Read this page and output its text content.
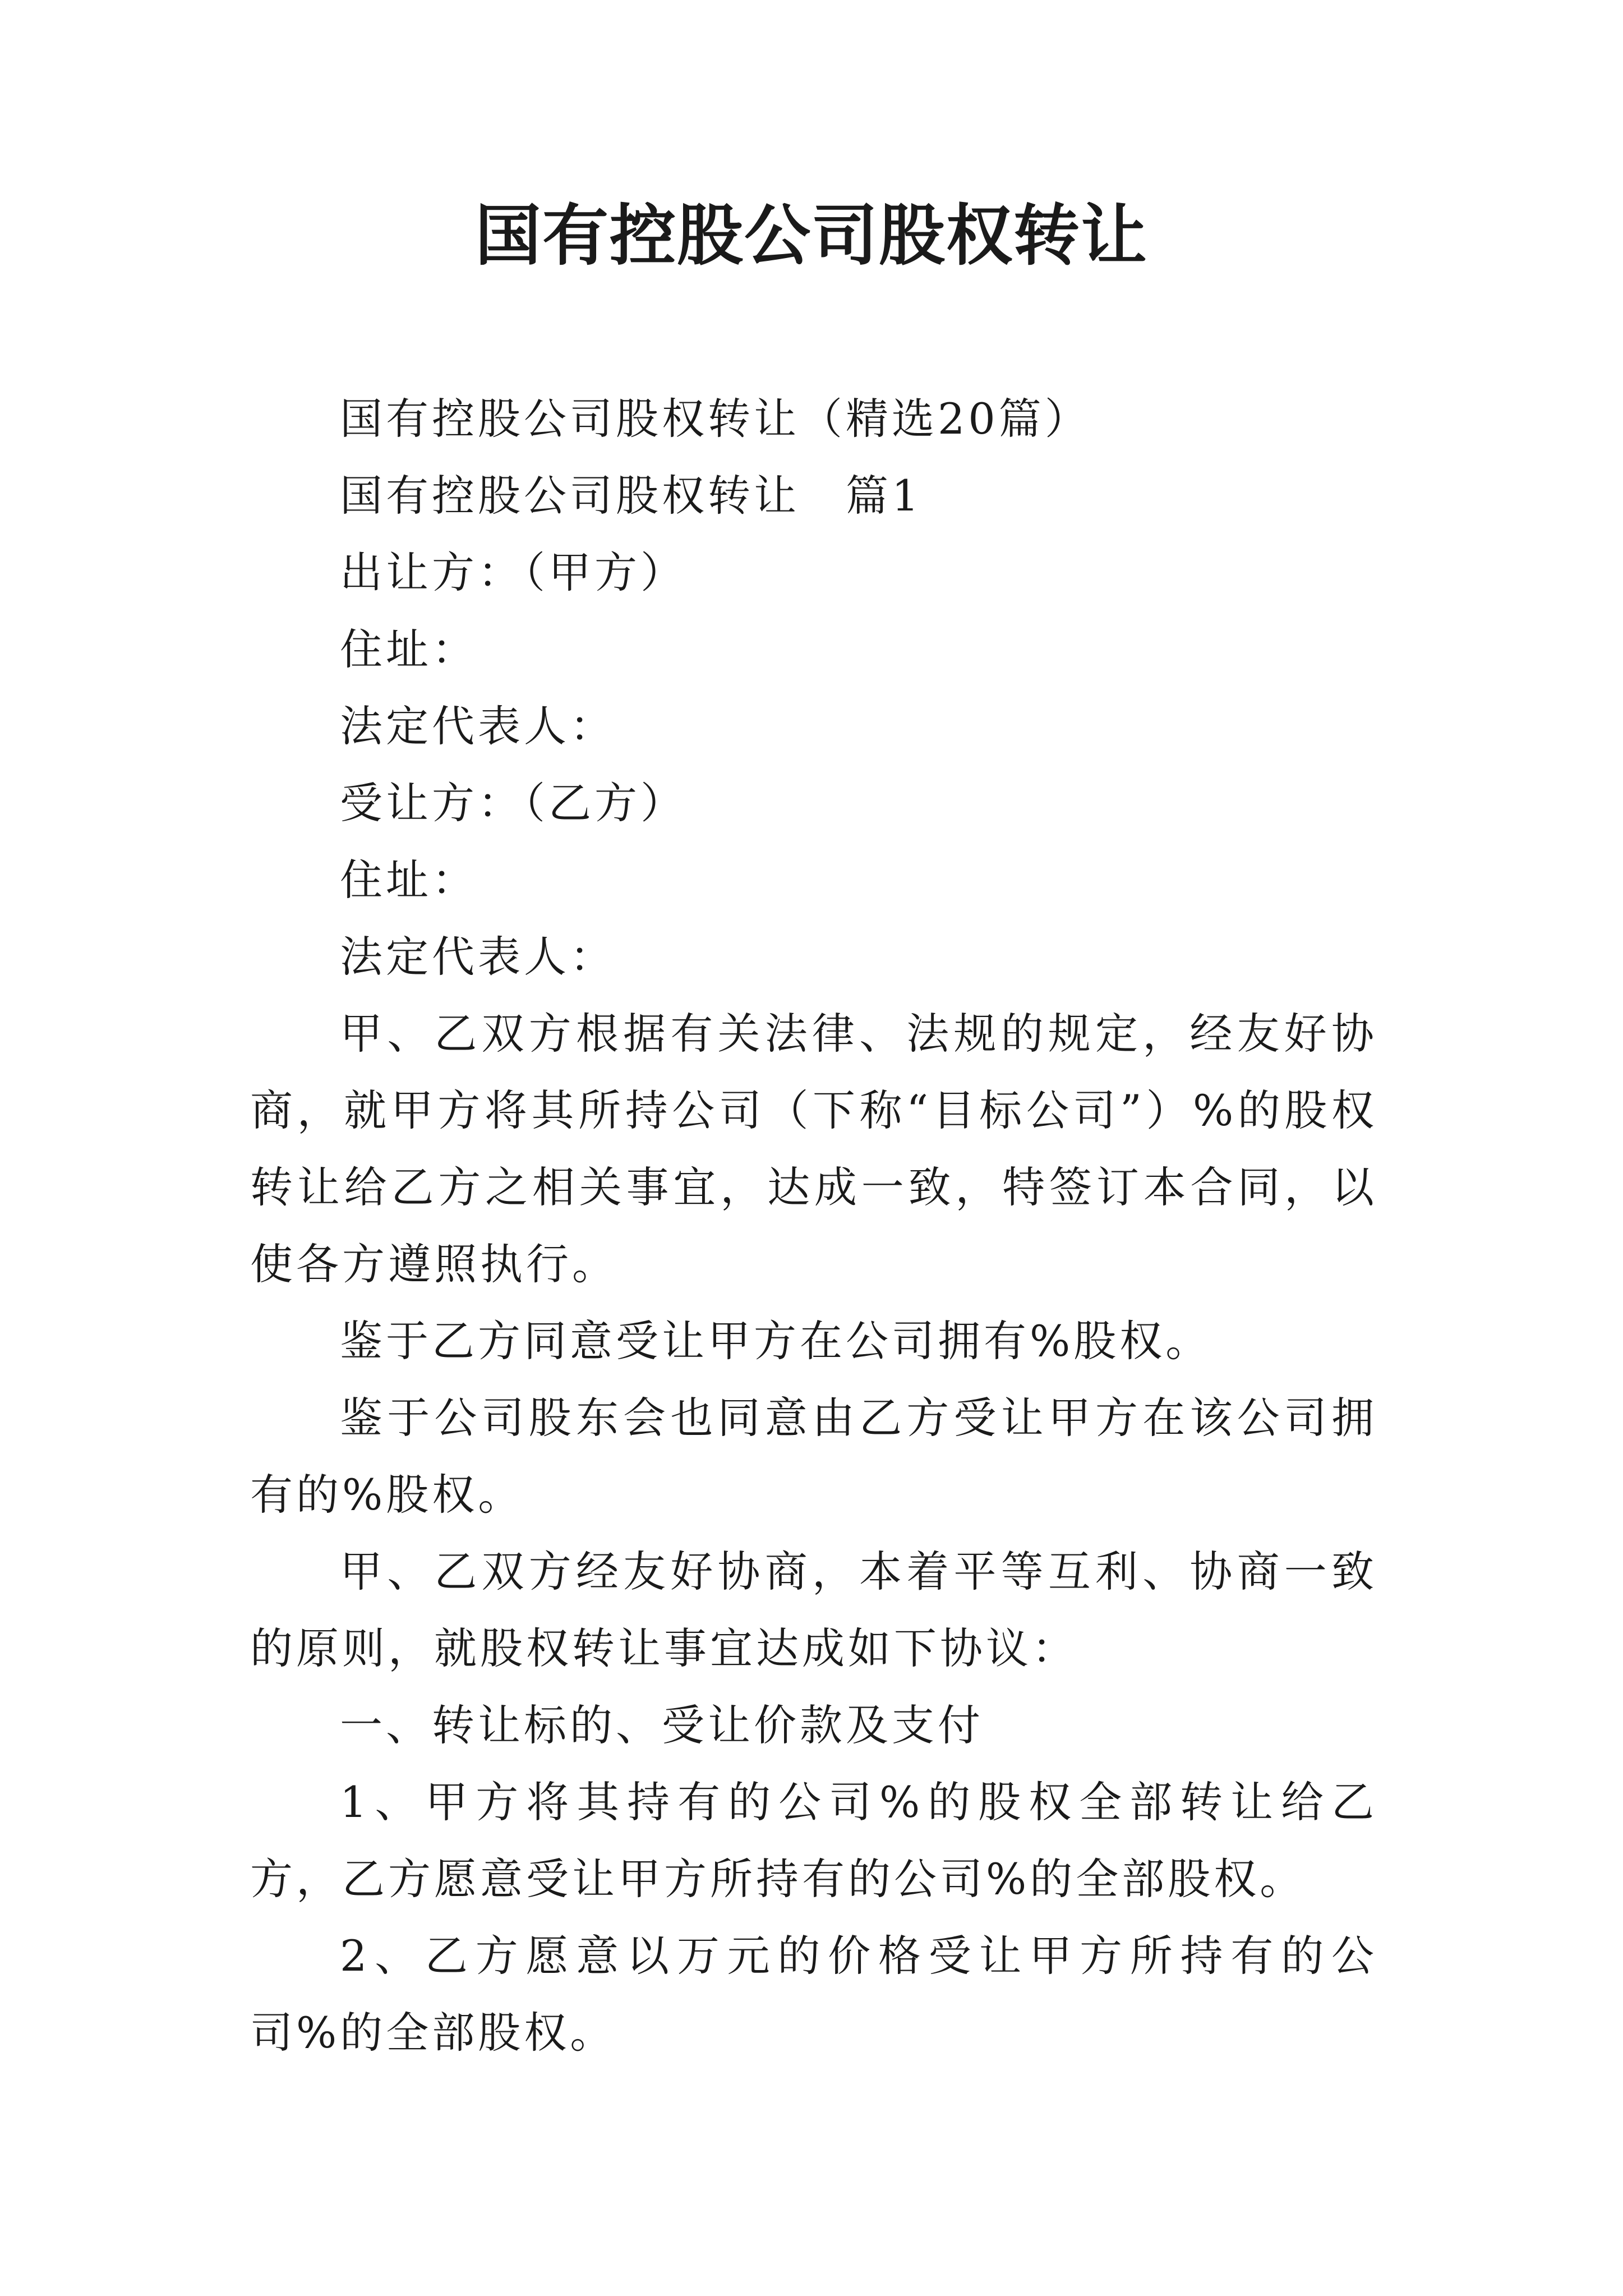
国有控股公司股权转让

国有控股公司股权转让（精选20篇）

国有控股公司股权转让　篇1

出让方：（甲方）

住址：

法定代表人：

受让方：（乙方）

住址：

法定代表人：

甲、乙双方根据有关法律、法规的规定，经友好协商，就甲方将其所持公司（下称“目标公司”）%的股权转让给乙方之相关事宜，达成一致，特签订本合同，以使各方遵照执行。

鉴于乙方同意受让甲方在公司拥有%股权。

鉴于公司股东会也同意由乙方受让甲方在该公司拥有的%股权。

甲、乙双方经友好协商，本着平等互利、协商一致的原则，就股权转让事宜达成如下协议：

一、转让标的、受让价款及支付

1、甲方将其持有的公司%的股权全部转让给乙方，乙方愿意受让甲方所持有的公司%的全部股权。

2、乙方愿意以万元的价格受让甲方所持有的公司%的全部股权。
